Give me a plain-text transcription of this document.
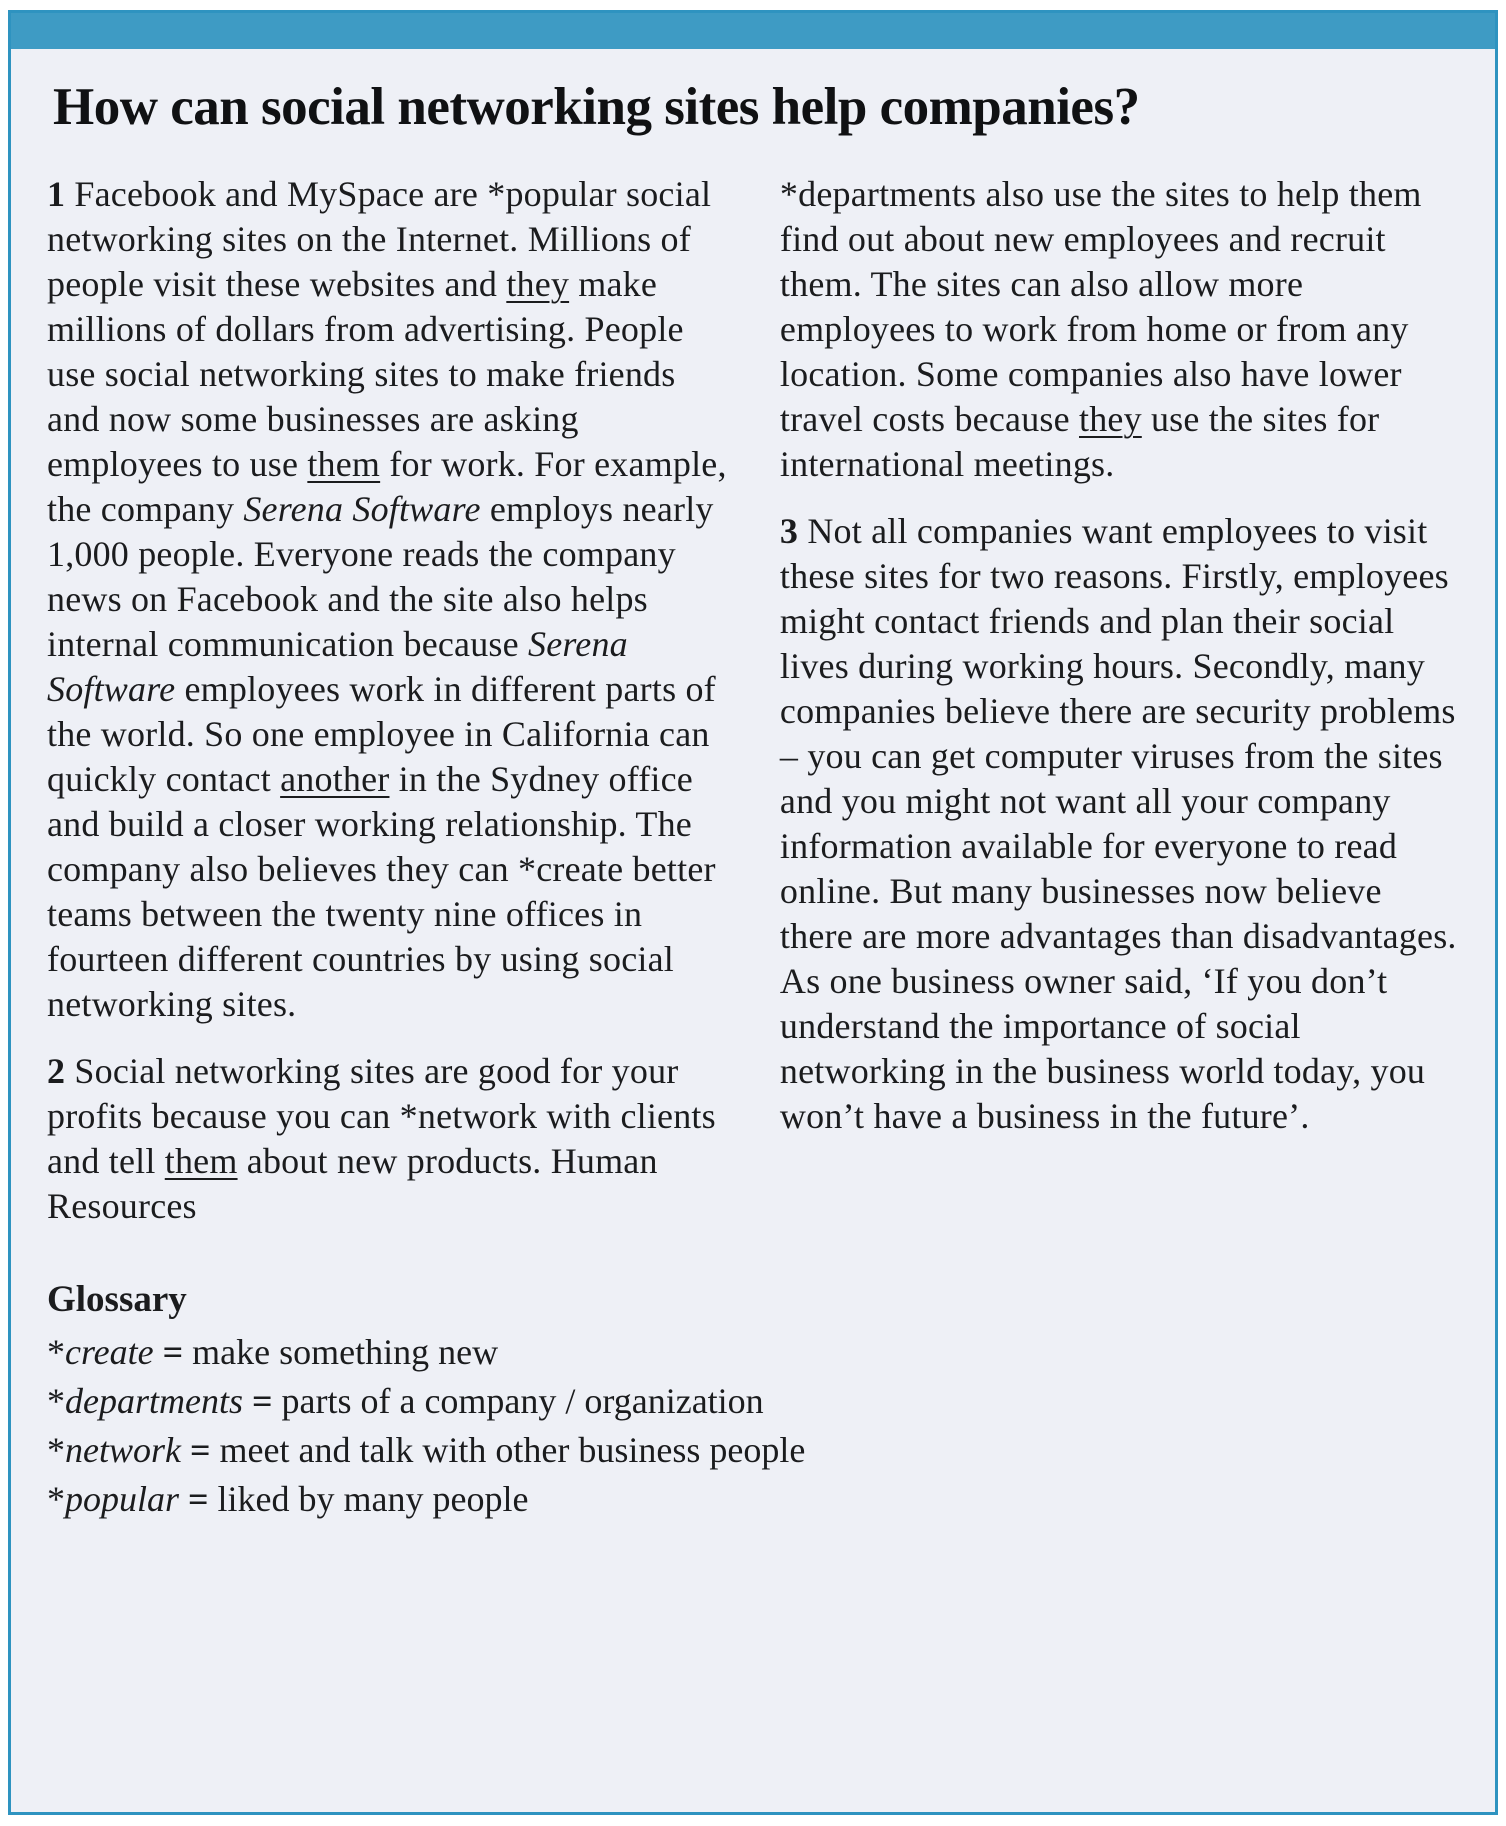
How can social networking sites help companies?

1 Facebook and MySpace are *popular social networking sites on the Internet. Millions of people visit these websites and they make millions of dollars from advertising. People use social networking sites to make friends and now some businesses are asking employees to use them for work. For example, the company Serena Software employs nearly 1,000 people. Everyone reads the company news on Facebook and the site also helps internal communication because Serena Software employees work in different parts of the world. So one employee in California can quickly contact another in the Sydney office and build a closer working relationship. The company also believes they can *create better teams between the twenty nine offices in fourteen different countries by using social networking sites.

2 Social networking sites are good for your profits because you can *network with clients and tell them about new products. Human Resources

*departments also use the sites to help them find out about new employees and recruit them. The sites can also allow more employees to work from home or from any location. Some companies also have lower travel costs because they use the sites for international meetings.

3 Not all companies want employees to visit these sites for two reasons. Firstly, employees might contact friends and plan their social lives during working hours. Secondly, many companies believe there are security problems – you can get computer viruses from the sites and you might not want all your company information available for everyone to read online. But many businesses now believe there are more advantages than disadvantages. As one business owner said, ‘If you don’t understand the importance of social networking in the business world today, you won’t have a business in the future’.

Glossary
*create = make something new
*departments = parts of a company / organization
*network = meet and talk with other business people
*popular = liked by many people
